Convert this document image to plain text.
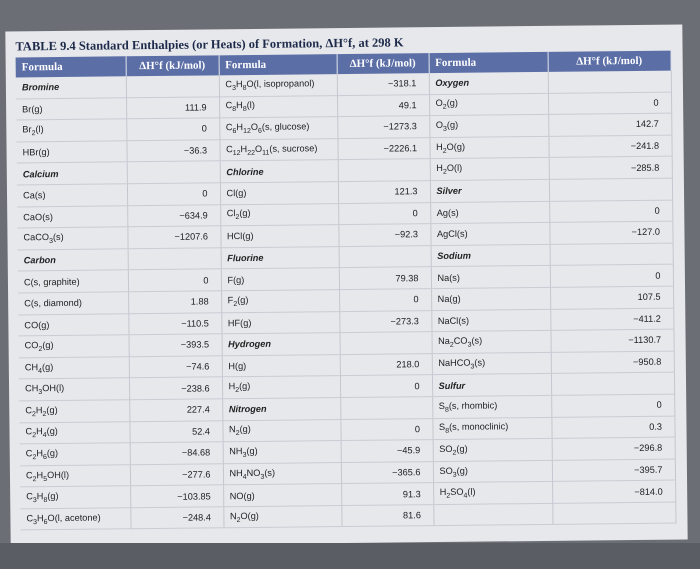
TABLE 9.4 Standard Enthalpies (or Heats) of Formation, ΔH°f, at 298 K
Formula	ΔH°f (kJ/mol)	Formula	ΔH°f (kJ/mol)	Formula	ΔH°f (kJ/mol)
Bromine		$C_3H_8O(l$, isopropanol)	−318.1	Oxygen	
Br(g)	111.9	$C_8H_8(l)$	49.1	$O_2(g)$	0
$Br_2(l)$	0	$C_6H_{12}O_6(s$, glucose)	−1273.3	$O_3(g)$	142.7
HBr(g)	−36.3	$C_{12}H_{22}O_{11}(s$, sucrose)	−2226.1	$H_2O(g)$	−241.8
Calcium		Chlorine		$H_2O(l)$	−285.8
Ca(s)	0	Cl(g)	121.3	Silver	
CaO(s)	−634.9	$Cl_2(g)$	0	Ag(s)	0
CaCO$_3$(s)	−1207.6	HCl(g)	−92.3	AgCl(s)	−127.0
Carbon		Fluorine		Sodium	
C(s, graphite)	0	F(g)	79.38	Na(s)	0
C(s, diamond)	1.88	$F_2(g)$	0	Na(g)	107.5
CO(g)	−110.5	HF(g)	−273.3	NaCl(s)	−411.2
$CO_2(g)$	−393.5	Hydrogen		$Na_2CO_3(s)$	−1130.7
$CH_4(g)$	−74.6	H(g)	218.0	NaHCO$_3$(s)	−950.8
$CH_3OH(l)$	−238.6	$H_2(g)$	0	Sulfur	
$C_2H_2(g)$	227.4	Nitrogen		$S_8(s$, rhombic)	0
$C_2H_4(g)$	52.4	$N_2(g)$	0	$S_8(s$, monoclinic)	0.3
$C_2H_6(g)$	−84.68	$NH_3(g)$	−45.9	$SO_2(g)$	−296.8
$C_2H_5OH(l)$	−277.6	$NH_4NO_3(s)$	−365.6	$SO_3(g)$	−395.7
$C_3H_8(g)$	−103.85	NO(g)	91.3	$H_2SO_4(l)$	−814.0
$C_3H_6O(l$, acetone)	−248.4	$N_2O(g)$	81.6		
